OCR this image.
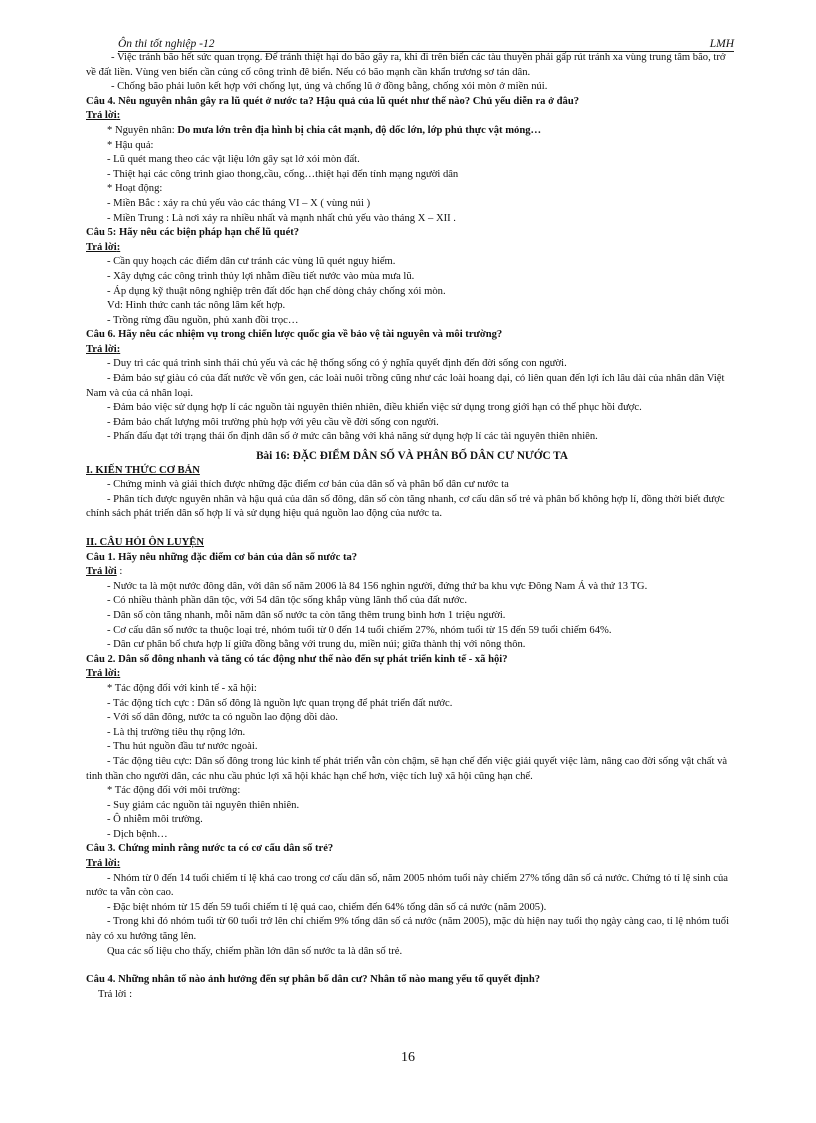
Ôn thi tốt nghiệp -12	LMH

- Việc tránh bão hết sức quan trọng. Để tránh thiệt hại do bão gây ra, khi đi trên biển các tàu thuyền phải gấp rút tránh xa vùng trung tâm bão, trở về đất liền. Vùng ven biển cần củng cố công trình đê biển. Nếu có bão mạnh cần khẩn trương sơ tán dân.

- Chống bão phải luôn kết hợp với chống lụt, úng và chống lũ ở đồng bằng, chống xói mòn ở miền núi.

Câu 4. Nêu nguyên nhân gây ra lũ quét ở nước ta? Hậu quả của lũ quét như thế nào? Chủ yếu diễn ra ở đâu?

Trả lời:

* Nguyên nhân: Do mưa lớn trên địa hình bị chia cắt mạnh, độ dốc lớn, lớp phủ thực vật mỏng…

* Hậu quả:

- Lũ quét mang theo các vật liệu lớn gây sạt lở xói mòn đất.

- Thiệt hại các công trình giao thong,cầu, cống…thiệt hại đến tính mạng người dân

* Hoạt động:

- Miền Bắc : xảy ra chủ yếu vào các tháng VI – X ( vùng núi )

- Miền Trung : Là nơi xảy ra nhiều nhất và mạnh nhất chủ yếu vào tháng X – XII .

Câu 5: Hãy nêu các biện pháp hạn chế lũ quét?

Trả lời:

- Cần quy hoạch các điểm dân cư tránh các vùng lũ quét nguy hiểm.

- Xây dựng các công trình thủy lợi nhằm điều tiết nước vào mùa mưa lũ.

- Áp dụng kỹ thuật nông nghiệp trên đất dốc hạn chế dòng chảy chống xói mòn.

Vd: Hình thức canh tác nông lâm kết hợp.

- Trồng rừng đầu nguồn, phủ xanh đồi trọc…

Câu 6. Hãy nêu các nhiệm vụ trong chiến lược quốc gia về bảo vệ tài nguyên và môi trường?

Trả lời:

- Duy trì các quá trình sinh thái chủ yếu và các hệ thống sống có ý nghĩa quyết định đến đời sống con người.

- Đảm bảo sự giàu có của đất nước về vốn gen, các loài nuôi trồng cũng như các loài hoang dại, có liên quan đến lợi ích lâu dài của nhân dân Việt Nam và của cả nhân loại.

- Đảm bảo việc sử dụng hợp lí các nguồn tài nguyên thiên nhiên, điều khiển việc sử dụng trong giới hạn có thể phục hồi được.

- Đảm bảo chất lượng môi trường phù hợp với yêu cầu về đời sống con người.

- Phấn đấu đạt tới trạng thái ổn định dân số ở mức cân bằng với khả năng sử dụng hợp lí các tài nguyên thiên nhiên.

Bài 16: ĐẶC ĐIỂM DÂN SỐ VÀ PHÂN BỐ DÂN CƯ NƯỚC TA

I. KIẾN THỨC CƠ BẢN

- Chứng minh và giải thích được những đặc điểm cơ bản của dân số và phân bố dân cư nước ta

- Phân tích được nguyên nhân và hậu quả của dân số đông, dân số còn tăng nhanh, cơ cấu dân số trẻ và phân bố không hợp lí, đồng thời biết được chính sách phát triển dân số hợp lí và sử dụng hiệu quả nguồn lao động của nước ta.

II. CÂU HỎI ÔN LUYỆN

Câu 1. Hãy nêu những đặc điểm cơ bản của dân số nước ta?

Trả lời :

- Nước ta là một nước đông dân, với dân số năm 2006 là 84 156 nghìn người, đứng thứ ba khu vực Đông Nam Á và thứ 13 TG.

- Có nhiều thành phần dân tộc, với 54 dân tộc sống khắp vùng lãnh thổ của đất nước.

- Dân số còn tăng nhanh, mỗi năm dân số nước ta còn tăng thêm trung bình hơn 1 triệu người.

- Cơ cấu dân số nước ta thuộc loại trẻ, nhóm tuổi từ 0 đến 14 tuổi chiếm 27%, nhóm tuổi từ 15 đến 59 tuổi chiếm 64%.

- Dân cư phân bố chưa hợp lí giữa đồng bằng với trung du, miền núi; giữa thành thị với nông thôn.

Câu 2. Dân số đông nhanh và tăng có tác động như thế nào đến sự phát triển kinh tế - xã hội?

Trả lời:

* Tác động đối với kinh tế - xã hội:

- Tác động tích cực : Dân số đông là nguồn lực quan trọng để phát triển đất nước.

- Với số dân đông, nước ta có nguồn lao động dồi dào.

- Là thị trường tiêu thụ rộng lớn.

- Thu hút nguồn đầu tư nước ngoài.

- Tác động tiêu cực: Dân số đông trong lúc kinh tế phát triển vẫn còn chậm, sẽ hạn chế đến việc giải quyết việc làm, nâng cao đời sống vật chất và tinh thần cho người dân, các nhu cầu phúc lợi xã hội khác hạn chế hơn, việc tích luỹ xã hội cũng hạn chế.

* Tác động đối với môi trường:

- Suy giảm các nguồn tài nguyên thiên nhiên.

- Ô nhiễm môi trường.

- Dịch bệnh…

Câu 3. Chứng minh rằng nước ta có cơ cấu dân số trẻ?

Trả lời:

- Nhóm từ 0 đến 14 tuổi chiếm tỉ lệ khá cao trong cơ cấu dân số, năm 2005 nhóm tuổi này chiếm 27% tổng dân số cả nước. Chứng tỏ tỉ lệ sinh của nước ta vẫn còn cao.

- Đặc biệt nhóm từ 15 đến 59 tuổi chiếm tỉ lệ quá cao, chiếm đến 64% tổng dân số cả nước (năm 2005).

- Trong khi đó nhóm tuổi từ 60 tuổi trở lên chỉ chiếm 9% tổng dân số cả nước (năm 2005), mặc dù hiện nay tuổi thọ ngày càng cao, tỉ lệ nhóm tuổi này có xu hướng tăng lên.

Qua các số liệu cho thấy, chiếm phần lớn dân số nước ta là dân số trẻ.

Câu 4. Những nhân tố nào ảnh hưởng đến sự phân bố dân cư? Nhân tố nào mang yếu tố quyết định?

Trả lời :

16
